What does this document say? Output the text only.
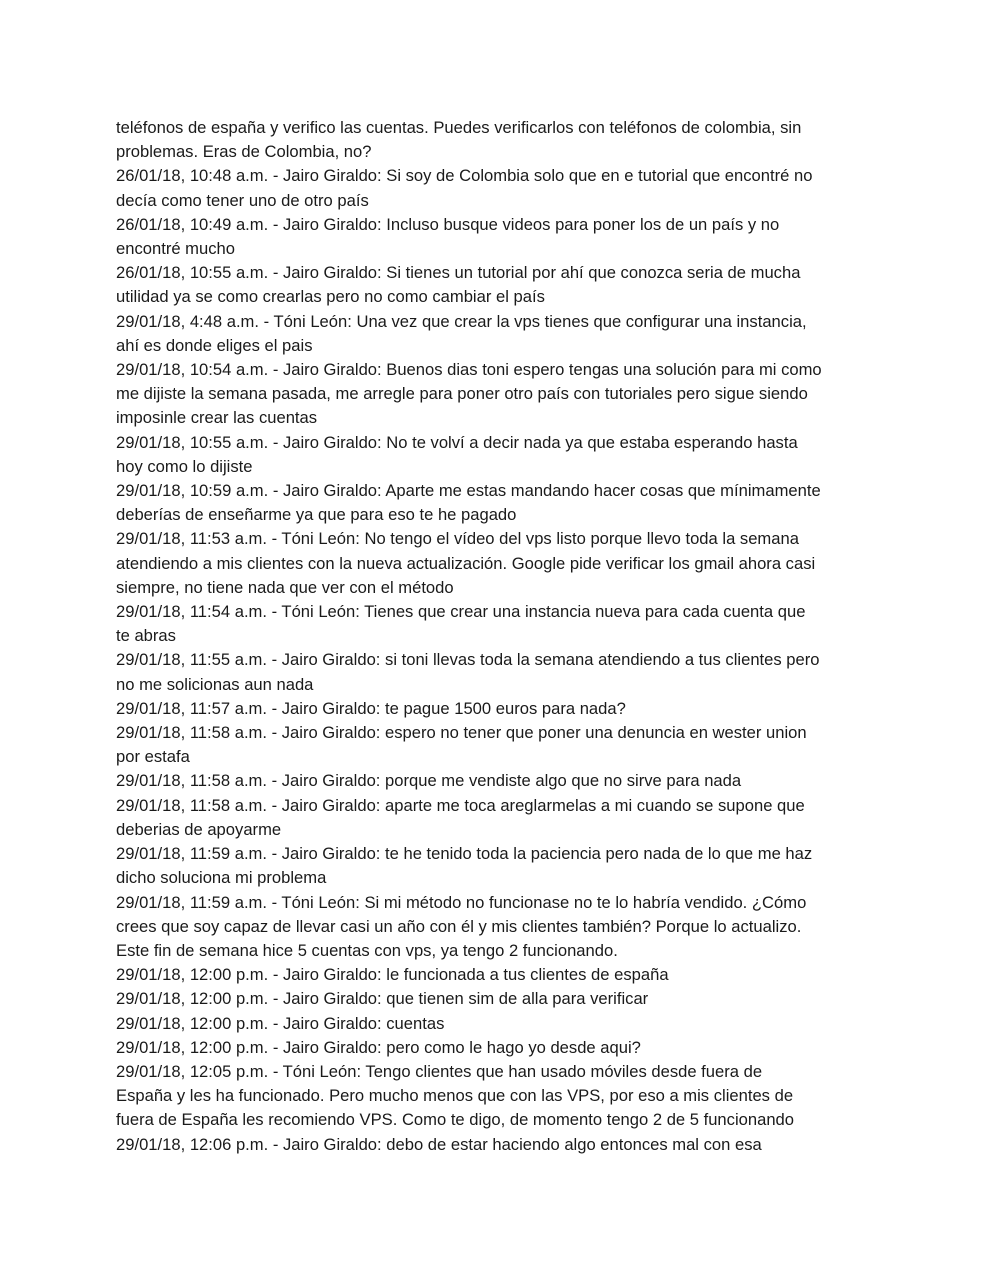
teléfonos de españa y verifico las cuentas. Puedes verificarlos con teléfonos de colombia, sin
problemas. Eras de Colombia, no?
26/01/18, 10:48 a.m. - Jairo Giraldo: Si soy de Colombia solo que en e tutorial que encontré no
decía como tener uno de otro país
26/01/18, 10:49 a.m. - Jairo Giraldo: Incluso busque videos para poner los de un país y no
encontré mucho
26/01/18, 10:55 a.m. - Jairo Giraldo: Si tienes un tutorial por ahí que conozca seria de mucha
utilidad ya se como crearlas pero no como cambiar el país
29/01/18, 4:48 a.m. - Tóni León: Una vez que crear la vps tienes que configurar una instancia,
ahí es donde eliges el pais
29/01/18, 10:54 a.m. - Jairo Giraldo: Buenos dias toni espero tengas una solución para mi como
me dijiste la semana pasada, me arregle para poner otro país con tutoriales pero sigue siendo
imposinle crear las cuentas
29/01/18, 10:55 a.m. - Jairo Giraldo: No te volví a decir nada ya que estaba esperando hasta
hoy como lo dijiste
29/01/18, 10:59 a.m. - Jairo Giraldo: Aparte me estas mandando hacer cosas que mínimamente
deberías de enseñarme ya que para eso te he pagado
29/01/18, 11:53 a.m. - Tóni León: No tengo el vídeo del vps listo porque llevo toda la semana
atendiendo a mis clientes con la nueva actualización. Google pide verificar los gmail ahora casi
siempre, no tiene nada que ver con el método
29/01/18, 11:54 a.m. - Tóni León: Tienes que crear una instancia nueva para cada cuenta que
te abras
29/01/18, 11:55 a.m. - Jairo Giraldo: si toni llevas toda la semana atendiendo a tus clientes pero
no me solicionas aun nada
29/01/18, 11:57 a.m. - Jairo Giraldo: te pague 1500 euros para nada?
29/01/18, 11:58 a.m. - Jairo Giraldo: espero no tener que poner una denuncia en wester union
por estafa
29/01/18, 11:58 a.m. - Jairo Giraldo: porque me vendiste algo que no sirve para nada
29/01/18, 11:58 a.m. - Jairo Giraldo: aparte me toca areglarmelas a mi cuando se supone que
deberias de apoyarme
29/01/18, 11:59 a.m. - Jairo Giraldo: te he tenido toda la paciencia pero nada de lo que me haz
dicho soluciona mi problema
29/01/18, 11:59 a.m. - Tóni León: Si mi método no funcionase no te lo habría vendido. ¿Cómo
crees que soy capaz de llevar casi un año con él y mis clientes también? Porque lo actualizo.
Este fin de semana hice 5 cuentas con vps, ya tengo 2 funcionando.
29/01/18, 12:00 p.m. - Jairo Giraldo: le funcionada a tus clientes de españa
29/01/18, 12:00 p.m. - Jairo Giraldo: que tienen sim de alla para verificar
29/01/18, 12:00 p.m. - Jairo Giraldo: cuentas
29/01/18, 12:00 p.m. - Jairo Giraldo: pero como le hago yo desde aqui?
29/01/18, 12:05 p.m. - Tóni León: Tengo clientes que han usado móviles desde fuera de
España y les ha funcionado. Pero mucho menos que con las VPS, por eso a mis clientes de
fuera de España les recomiendo VPS. Como te digo, de momento tengo 2 de 5 funcionando
29/01/18, 12:06 p.m. - Jairo Giraldo: debo de estar haciendo algo entonces mal con esa
